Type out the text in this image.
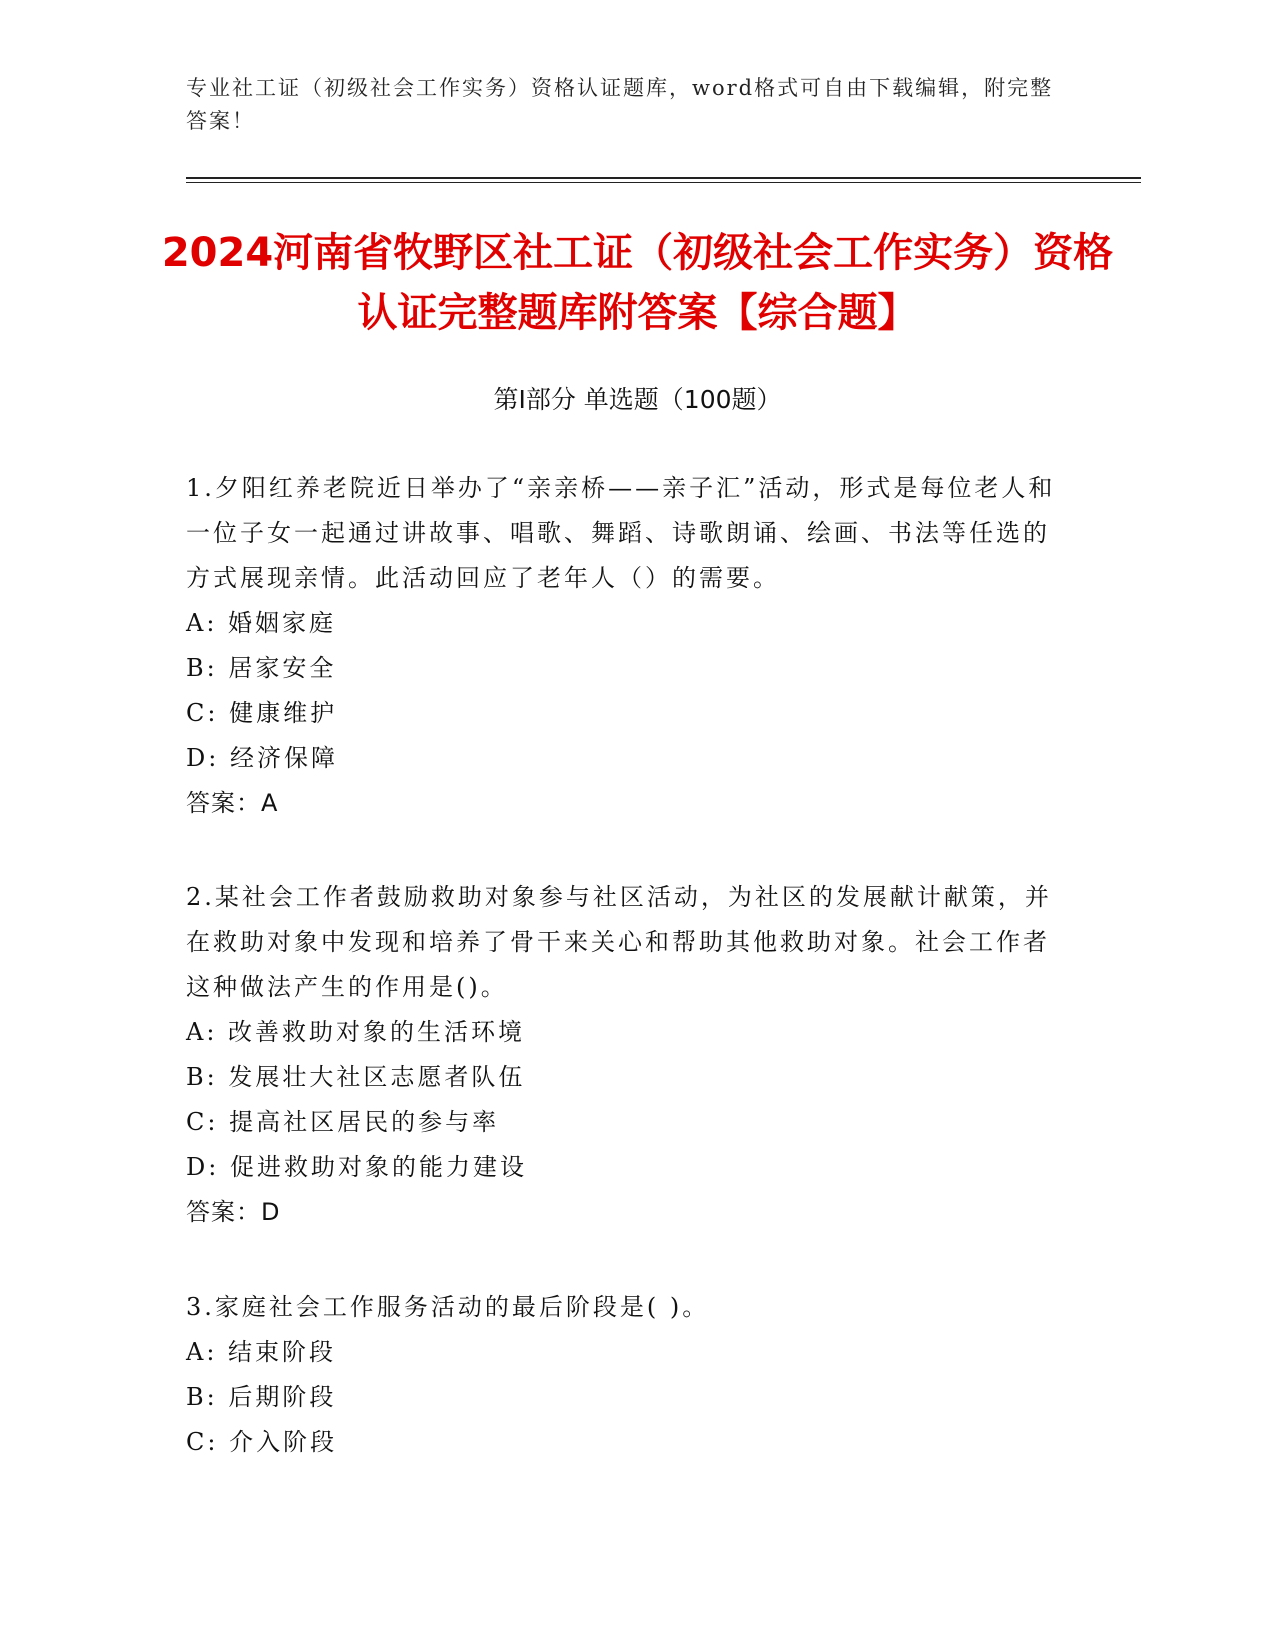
专业社工证（初级社会工作实务）资格认证题库，word格式可自由下载编辑，附完整答案！
2024河南省牧野区社工证（初级社会工作实务）资格认证完整题库附答案【综合题】
第I部分 单选题（100题）

1.夕阳红养老院近日举办了“亲亲桥——亲子汇”活动，形式是每位老人和一位子女一起通过讲故事、唱歌、舞蹈、诗歌朗诵、绘画、书法等任选的方式展现亲情。此活动回应了老年人（）的需要。

A: 婚姻家庭

B: 居家安全

C: 健康维护

D: 经济保障

答案：A

2.某社会工作者鼓励救助对象参与社区活动，为社区的发展献计献策，并在救助对象中发现和培养了骨干来关心和帮助其他救助对象。社会工作者这种做法产生的作用是()。

A: 改善救助对象的生活环境

B: 发展壮大社区志愿者队伍

C: 提高社区居民的参与率

D: 促进救助对象的能力建设

答案：D

3.家庭社会工作服务活动的最后阶段是( )。

A: 结束阶段

B: 后期阶段

C: 介入阶段
